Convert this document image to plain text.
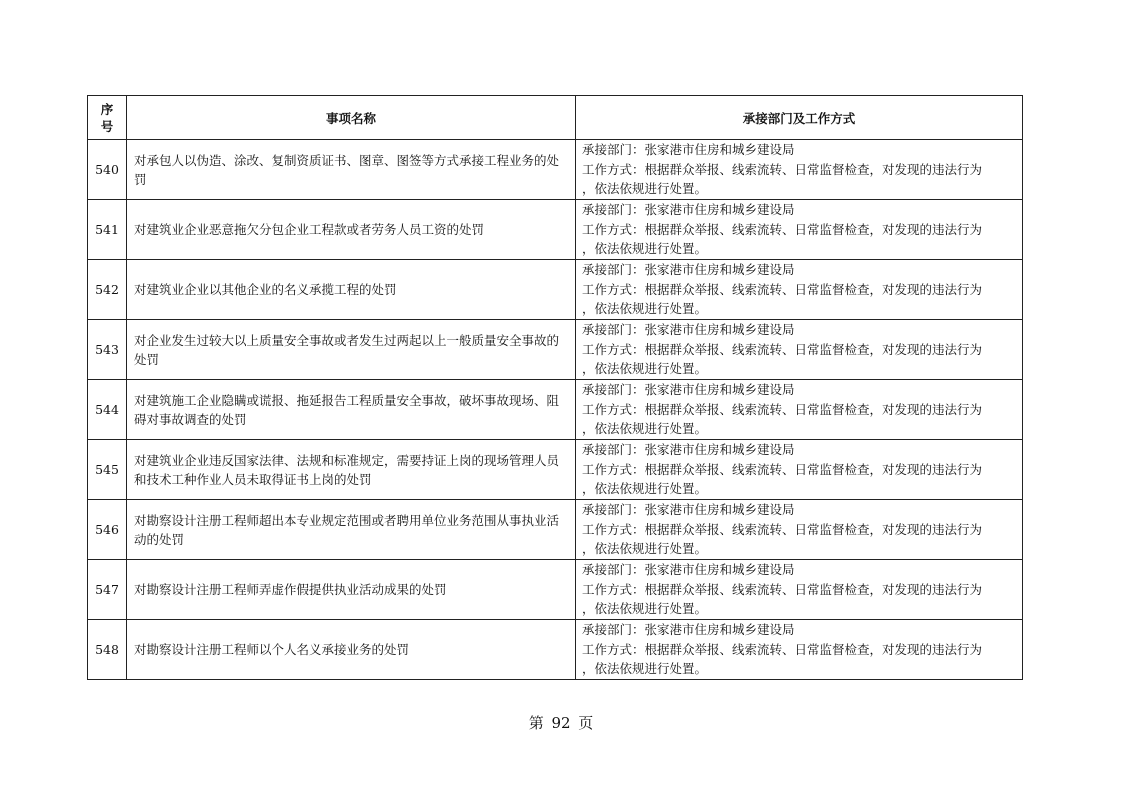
序
号	事项名称	承接部门及工作方式
540	对承包人以伪造、涂改、复制资质证书、图章、图签等方式承接工程业务的处罚	承接部门：张家港市住房和城乡建设局
工作方式：根据群众举报、线索流转、日常监督检查，对发现的违法行为
，依法依规进行处置。

541	对建筑业企业恶意拖欠分包企业工程款或者劳务人员工资的处罚	承接部门：张家港市住房和城乡建设局
工作方式：根据群众举报、线索流转、日常监督检查，对发现的违法行为
，依法依规进行处置。

542	对建筑业企业以其他企业的名义承揽工程的处罚	承接部门：张家港市住房和城乡建设局
工作方式：根据群众举报、线索流转、日常监督检查，对发现的违法行为
，依法依规进行处置。

543	对企业发生过较大以上质量安全事故或者发生过两起以上一般质量安全事故的处罚	承接部门：张家港市住房和城乡建设局
工作方式：根据群众举报、线索流转、日常监督检查，对发现的违法行为
，依法依规进行处置。

544	对建筑施工企业隐瞒或谎报、拖延报告工程质量安全事故，破坏事故现场、阻碍对事故调查的处罚	承接部门：张家港市住房和城乡建设局
工作方式：根据群众举报、线索流转、日常监督检查，对发现的违法行为
，依法依规进行处置。

545	对建筑业企业违反国家法律、法规和标准规定，需要持证上岗的现场管理人员和技术工种作业人员未取得证书上岗的处罚	承接部门：张家港市住房和城乡建设局
工作方式：根据群众举报、线索流转、日常监督检查，对发现的违法行为
，依法依规进行处置。

546	对勘察设计注册工程师超出本专业规定范围或者聘用单位业务范围从事执业活动的处罚	承接部门：张家港市住房和城乡建设局
工作方式：根据群众举报、线索流转、日常监督检查，对发现的违法行为
，依法依规进行处置。

547	对勘察设计注册工程师弄虚作假提供执业活动成果的处罚	承接部门：张家港市住房和城乡建设局
工作方式：根据群众举报、线索流转、日常监督检查，对发现的违法行为
，依法依规进行处置。

548	对勘察设计注册工程师以个人名义承接业务的处罚	承接部门：张家港市住房和城乡建设局
工作方式：根据群众举报、线索流转、日常监督检查，对发现的违法行为
，依法依规进行处置。
第 92 页
